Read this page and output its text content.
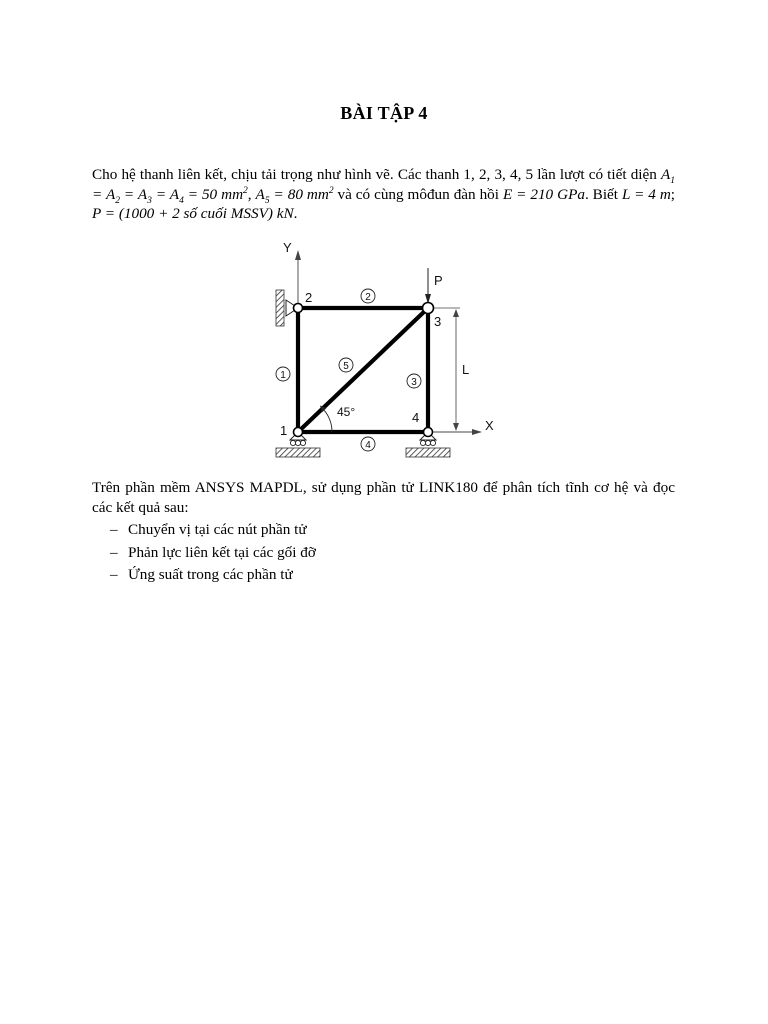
BÀI TẬP 4

Cho hệ thanh liên kết, chịu tải trọng như hình vẽ. Các thanh 1, 2, 3, 4, 5 lần lượt có tiết diện $A_1 = A_2 = A_3 = A_4 = 50$ $mm^2$, $A_5 = 80$ $mm^2$ và có cùng môđun đàn hồi E = 210 GPa. Biết L = 4 m; P = (1000 + 2 số cuối MSSV) kN.

Y
X
P
L
45°
1
2
3
4
1
2
3
4
5

Trên phần mềm ANSYS MAPDL, sử dụng phần tử LINK180 để phân tích tĩnh cơ hệ và đọc các kết quả sau:

– Chuyển vị tại các nút phần tử
– Phản lực liên kết tại các gối đỡ
– Ứng suất trong các phần tử
